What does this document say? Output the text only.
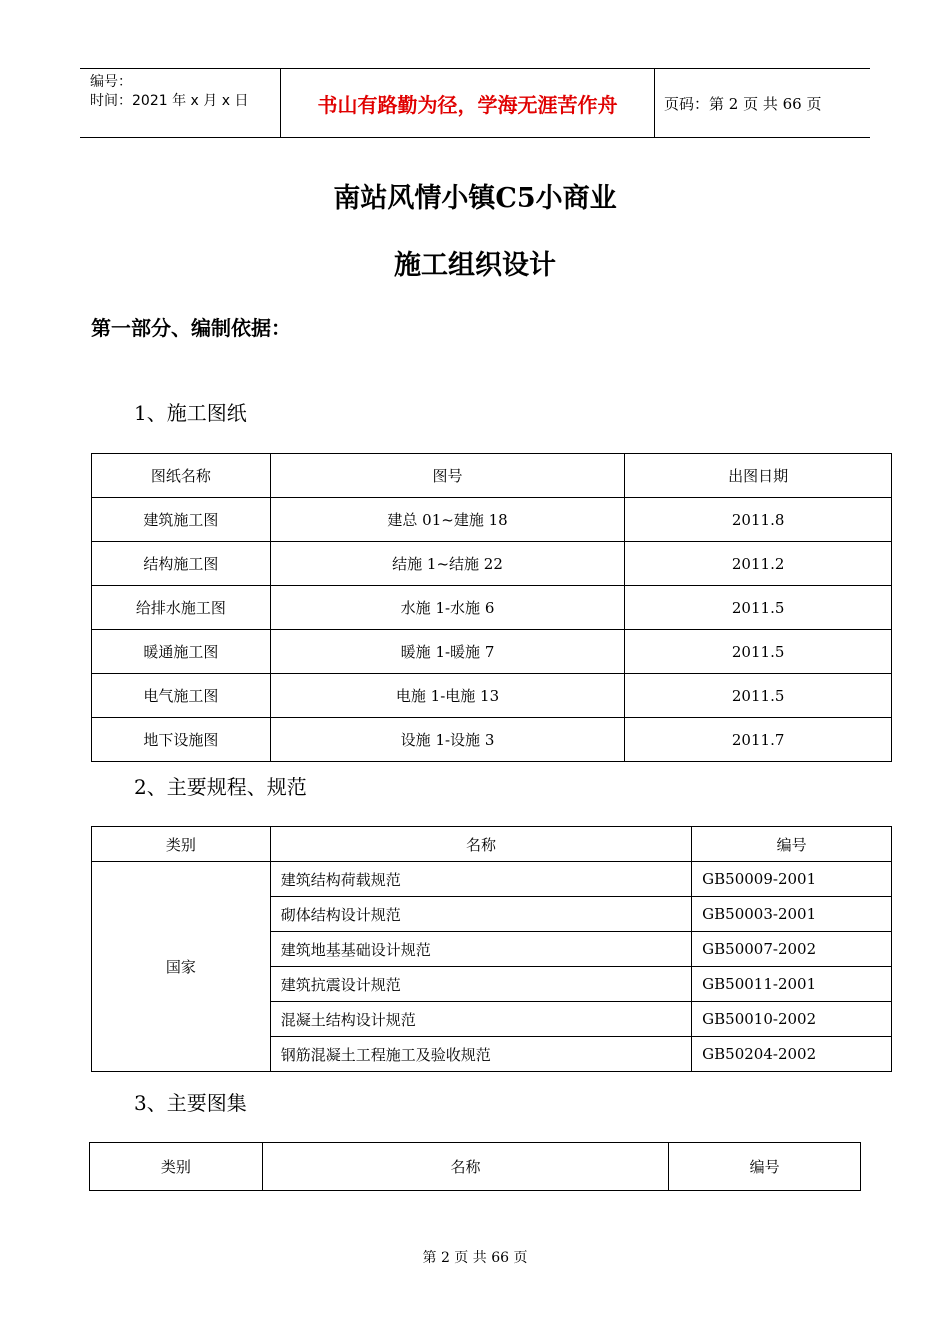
编号：
时间：2021 年 x 月 x 日	书山有路勤为径，学海无涯苦作舟	页码：第 2 页 共 66 页
南站风情小镇C5小商业
施工组织设计
第一部分、编制依据：
1、施工图纸
图纸名称	图号	出图日期
建筑施工图	建总 01~建施 18	2011.8
结构施工图	结施 1~结施 22	2011.2
给排水施工图	水施 1-水施 6	2011.5
暖通施工图	暖施 1-暖施 7	2011.5
电气施工图	电施 1-电施 13	2011.5
地下设施图	设施 1-设施 3	2011.7
2、主要规程、规范
类别	名称	编号
国家	建筑结构荷载规范	GB50009-2001
	砌体结构设计规范	GB50003-2001
	建筑地基基础设计规范	GB50007-2002
	建筑抗震设计规范	GB50011-2001
	混凝土结构设计规范	GB50010-2002
	钢筋混凝土工程施工及验收规范	GB50204-2002
3、主要图集
类别	名称	编号
第 2 页 共 66 页
